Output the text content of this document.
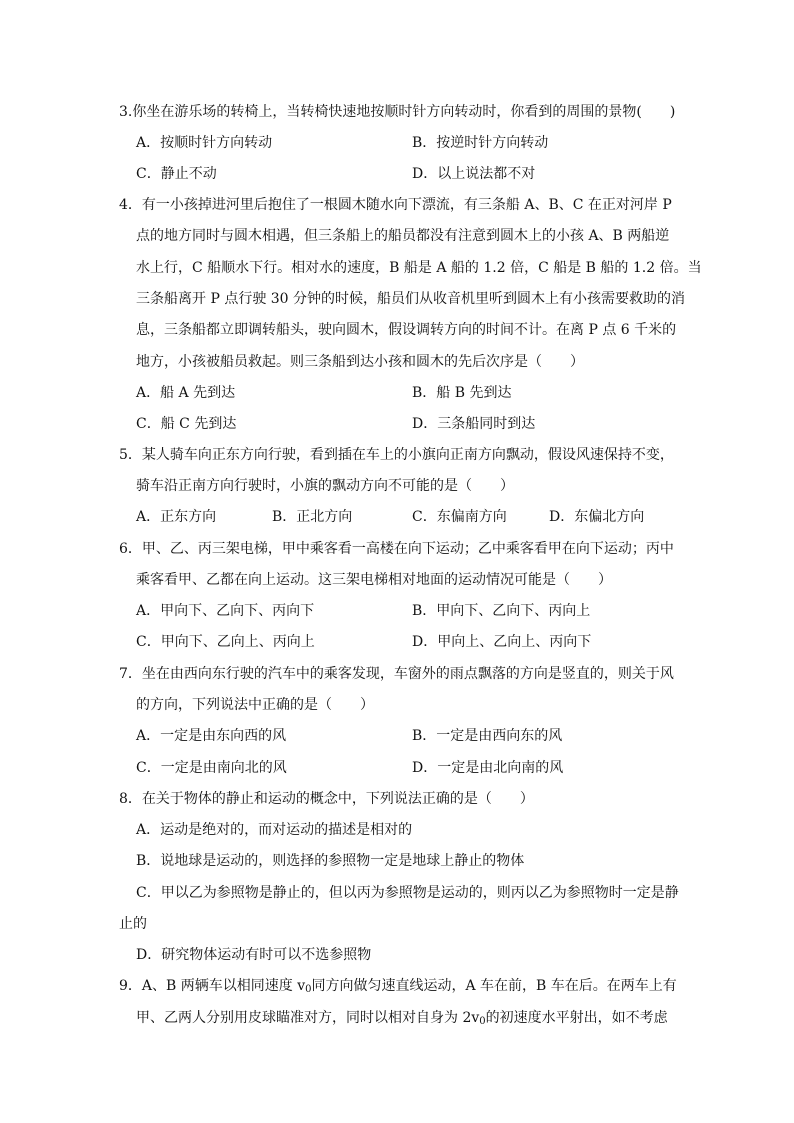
3.你坐在游乐场的转椅上，当转椅快速地按顺时针方向转动时，你看到的周围的景物(　　)
A．按顺时针方向转动	B．按逆时针方向转动
C．静止不动	D．以上说法都不对
4．有一小孩掉进河里后抱住了一根圆木随水向下漂流，有三条船 A、B、C 在正对河岸 P
点的地方同时与圆木相遇，但三条船上的船员都没有注意到圆木上的小孩 A、B 两船逆
水上行，C 船顺水下行。相对水的速度，B 船是 A 船的 1.2 倍，C 船是 B 船的 1.2 倍。当
三条船离开 P 点行驶 30 分钟的时候，船员们从收音机里听到圆木上有小孩需要救助的消
息，三条船都立即调转船头，驶向圆木，假设调转方向的时间不计。在离 P 点 6 千米的
地方，小孩被船员救起。则三条船到达小孩和圆木的先后次序是（　　）
A．船 A 先到达	B．船 B 先到达
C．船 C 先到达	D．三条船同时到达
5．某人骑车向正东方向行驶，看到插在车上的小旗向正南方向飘动，假设风速保持不变，
骑车沿正南方向行驶时，小旗的飘动方向不可能的是（　　）
A．正东方向	B．正北方向	C．东偏南方向	D．东偏北方向
6．甲、乙、丙三架电梯，甲中乘客看一高楼在向下运动；乙中乘客看甲在向下运动；丙中
乘客看甲、乙都在向上运动。这三架电梯相对地面的运动情况可能是（　　）
A．甲向下、乙向下、丙向下	B．甲向下、乙向下、丙向上
C．甲向下、乙向上、丙向上	D．甲向上、乙向上、丙向下
7．坐在由西向东行驶的汽车中的乘客发现，车窗外的雨点飘落的方向是竖直的，则关于风
的方向，下列说法中正确的是（　　）
A．一定是由东向西的风	B．一定是由西向东的风
C．一定是由南向北的风	D．一定是由北向南的风
8．在关于物体的静止和运动的概念中，下列说法正确的是（　　）
A．运动是绝对的，而对运动的描述是相对的
B．说地球是运动的，则选择的参照物一定是地球上静止的物体
C．甲以乙为参照物是静止的，但以丙为参照物是运动的，则丙以乙为参照物时一定是静
止的
D．研究物体运动有时可以不选参照物
9．A、B 两辆车以相同速度 $v_0$同方向做匀速直线运动，A 车在前，B 车在后。在两车上有
甲、乙两人分别用皮球瞄准对方，同时以相对自身为 $2v_0$的初速度水平射出，如不考虑
